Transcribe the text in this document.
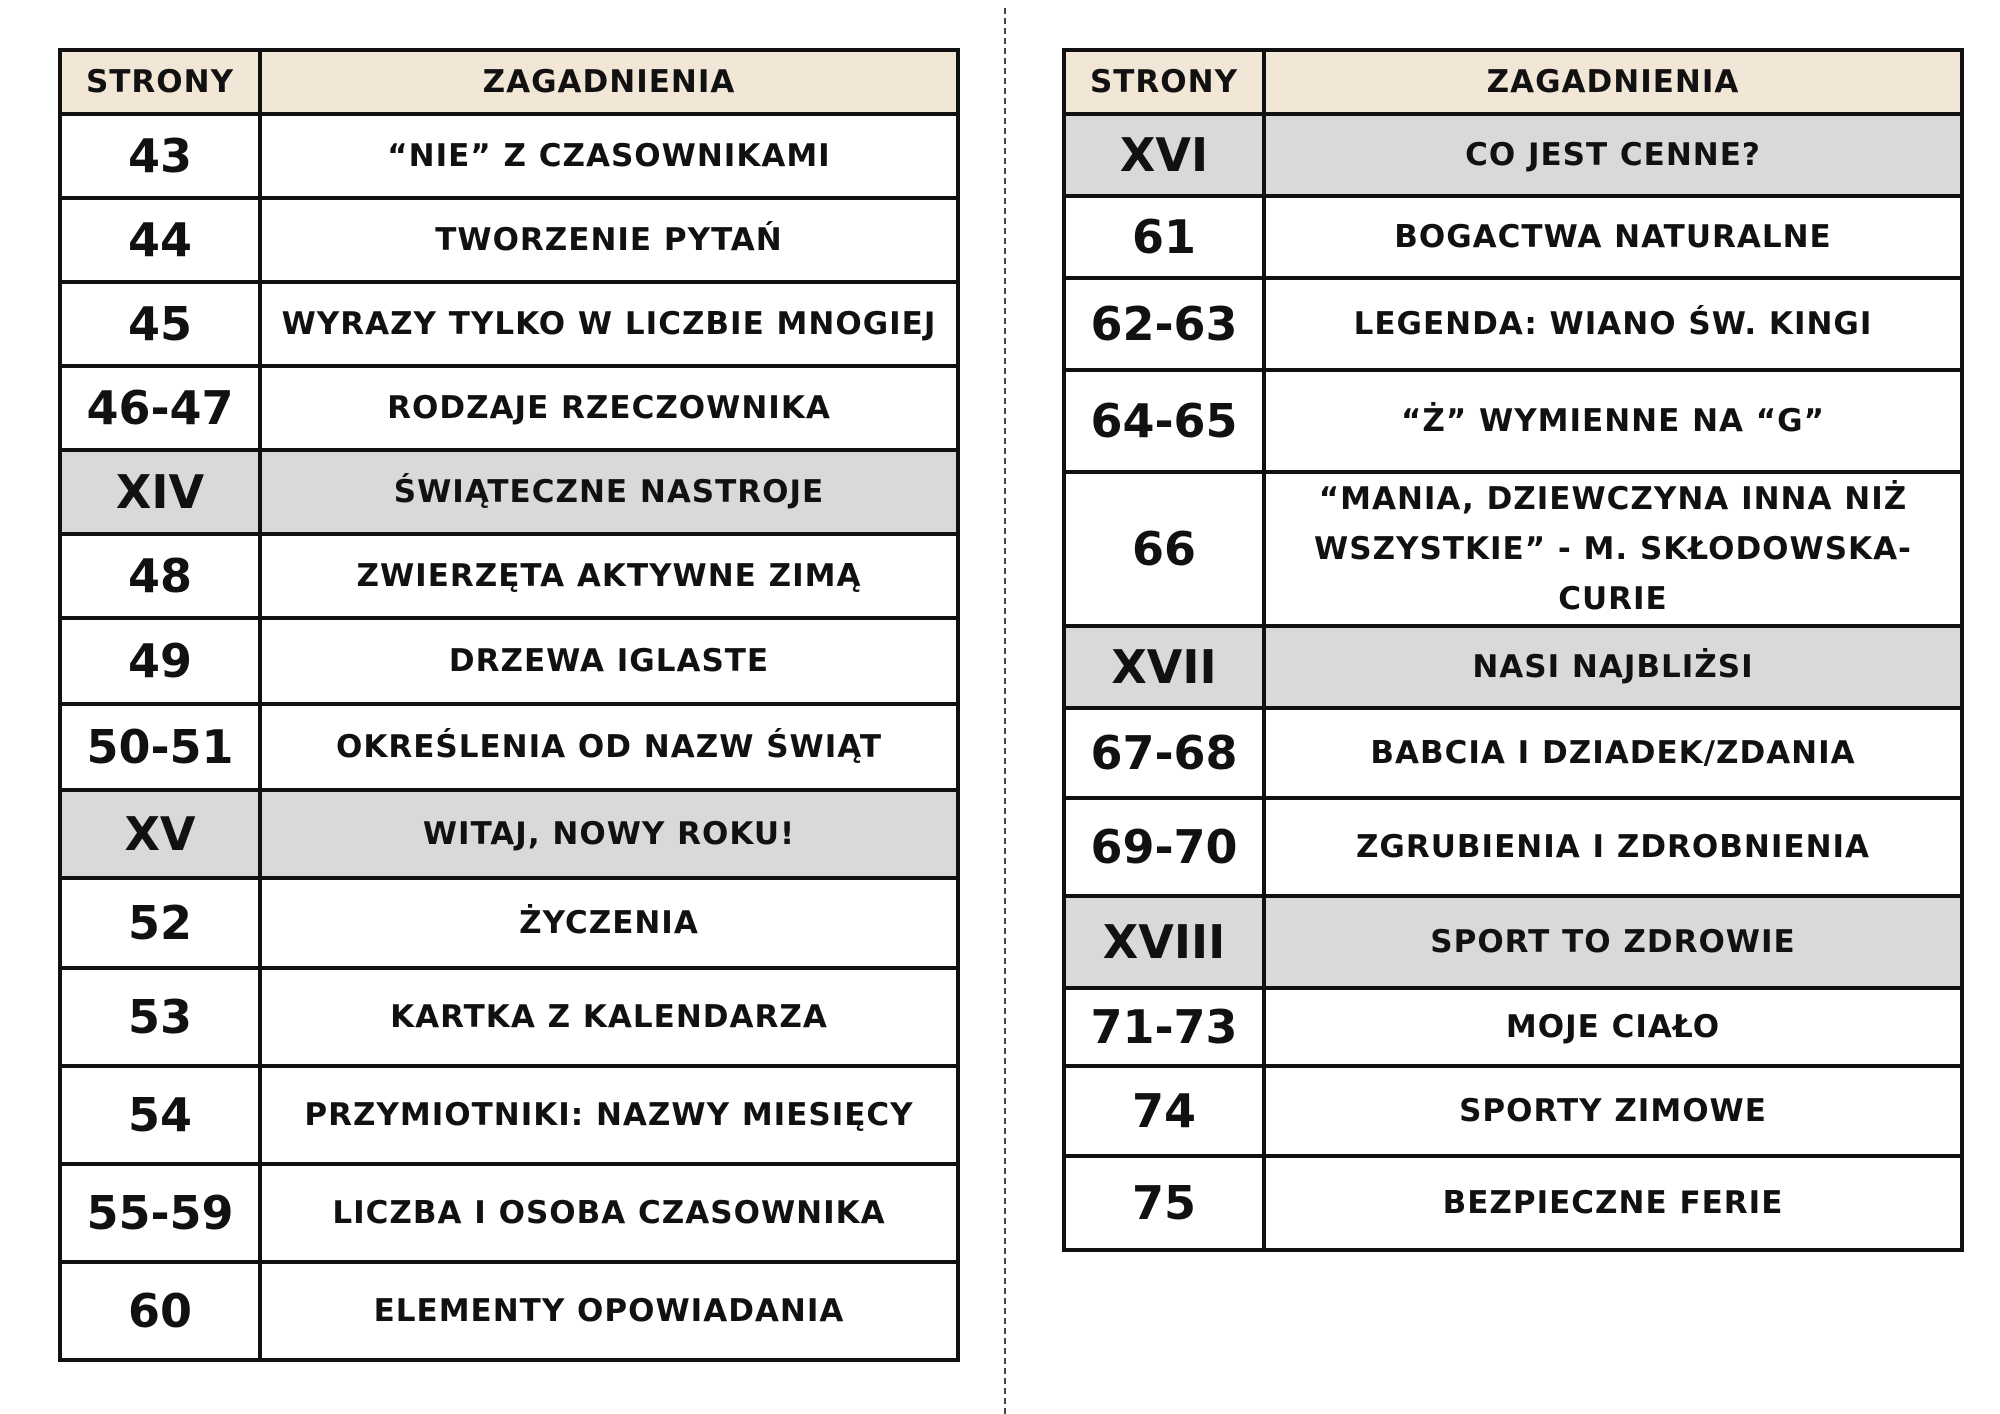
STRONY	ZAGADNIENIA
43	“NIE” Z CZASOWNIKAMI
44	TWORZENIE PYTAŃ
45	WYRAZY TYLKO W LICZBIE MNOGIEJ
46-47	RODZAJE RZECZOWNIKA
XIV	ŚWIĄTECZNE NASTROJE
48	ZWIERZĘTA AKTYWNE ZIMĄ
49	DRZEWA IGLASTE
50-51	OKREŚLENIA OD NAZW ŚWIĄT
XV	WITAJ, NOWY ROKU!
52	ŻYCZENIA
53	KARTKA Z KALENDARZA
54	PRZYMIOTNIKI: NAZWY MIESIĘCY
55-59	LICZBA I OSOBA CZASOWNIKA
60	ELEMENTY OPOWIADANIA
STRONY	ZAGADNIENIA
XVI	CO JEST CENNE?
61	BOGACTWA NATURALNE
62-63	LEGENDA: WIANO ŚW. KINGI
64-65	“Ż” WYMIENNE NA “G”
66	“MANIA, DZIEWCZYNA INNA NIŻ WSZYSTKIE” - M. SKŁODOWSKA-CURIE
XVII	NASI NAJBLIŻSI
67-68	BABCIA I DZIADEK/ZDANIA
69-70	ZGRUBIENIA I ZDROBNIENIA
XVIII	SPORT TO ZDROWIE
71-73	MOJE CIAŁO
74	SPORTY ZIMOWE
75	BEZPIECZNE FERIE
